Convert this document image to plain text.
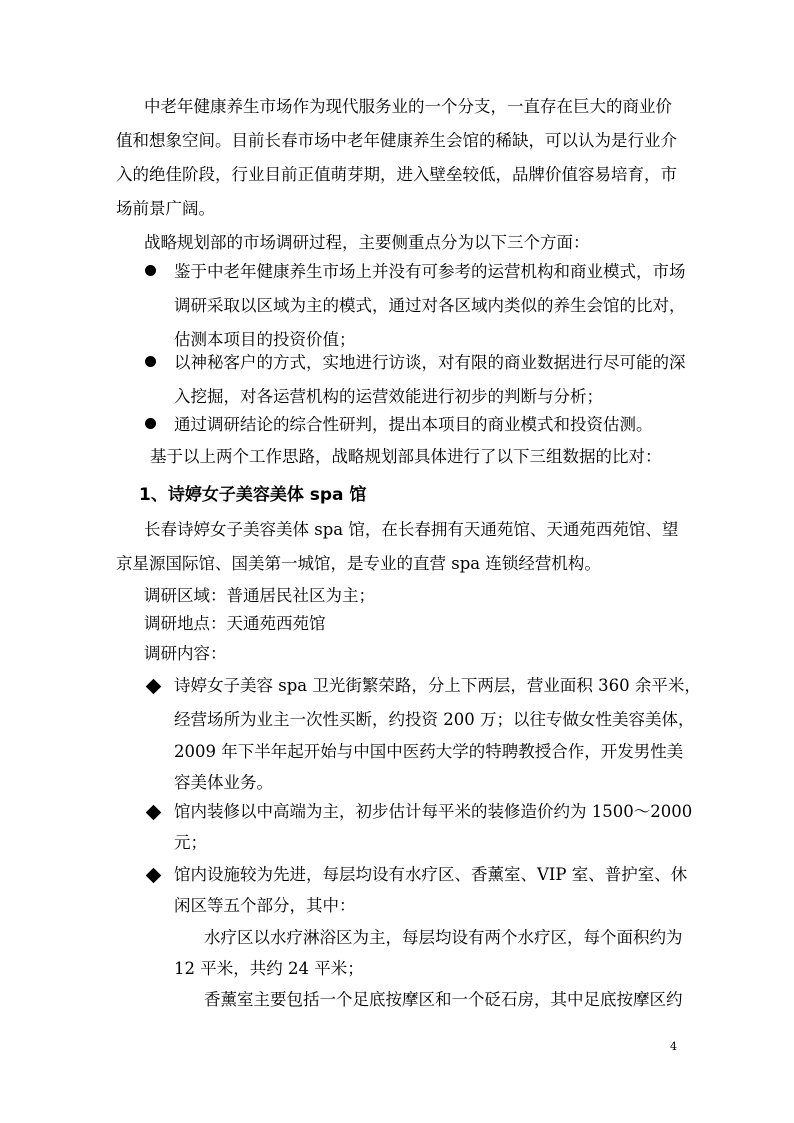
中老年健康养生市场作为现代服务业的一个分支，一直存在巨大的商业价
值和想象空间。目前长春市场中老年健康养生会馆的稀缺，可以认为是行业介
入的绝佳阶段，行业目前正值萌芽期，进入壁垒较低，品牌价值容易培育，市
场前景广阔。
战略规划部的市场调研过程，主要侧重点分为以下三个方面：
鉴于中老年健康养生市场上并没有可参考的运营机构和商业模式，市场
调研采取以区域为主的模式，通过对各区域内类似的养生会馆的比对，
估测本项目的投资价值；
以神秘客户的方式，实地进行访谈，对有限的商业数据进行尽可能的深
入挖掘，对各运营机构的运营效能进行初步的判断与分析；
通过调研结论的综合性研判，提出本项目的商业模式和投资估测。
基于以上两个工作思路，战略规划部具体进行了以下三组数据的比对：
1、诗婷女子美容美体 spa 馆
长春诗婷女子美容美体 spa 馆，在长春拥有天通苑馆、天通苑西苑馆、望
京星源国际馆、国美第一城馆，是专业的直营 spa 连锁经营机构。
调研区域：普通居民社区为主；
调研地点：天通苑西苑馆
调研内容：
诗婷女子美容 spa 卫光街繁荣路，分上下两层，营业面积 360 余平米，
经营场所为业主一次性买断，约投资 200 万；以往专做女性美容美体，
2009 年下半年起开始与中国中医药大学的特聘教授合作，开发男性美
容美体业务。
馆内装修以中高端为主，初步估计每平米的装修造价约为 1500～2000
元；
馆内设施较为先进，每层均设有水疗区、香薰室、VIP 室、普护室、休
闲区等五个部分，其中：
水疗区以水疗淋浴区为主，每层均设有两个水疗区，每个面积约为
12 平米，共约 24 平米；
香薰室主要包括一个足底按摩区和一个砭石房，其中足底按摩区约
4
